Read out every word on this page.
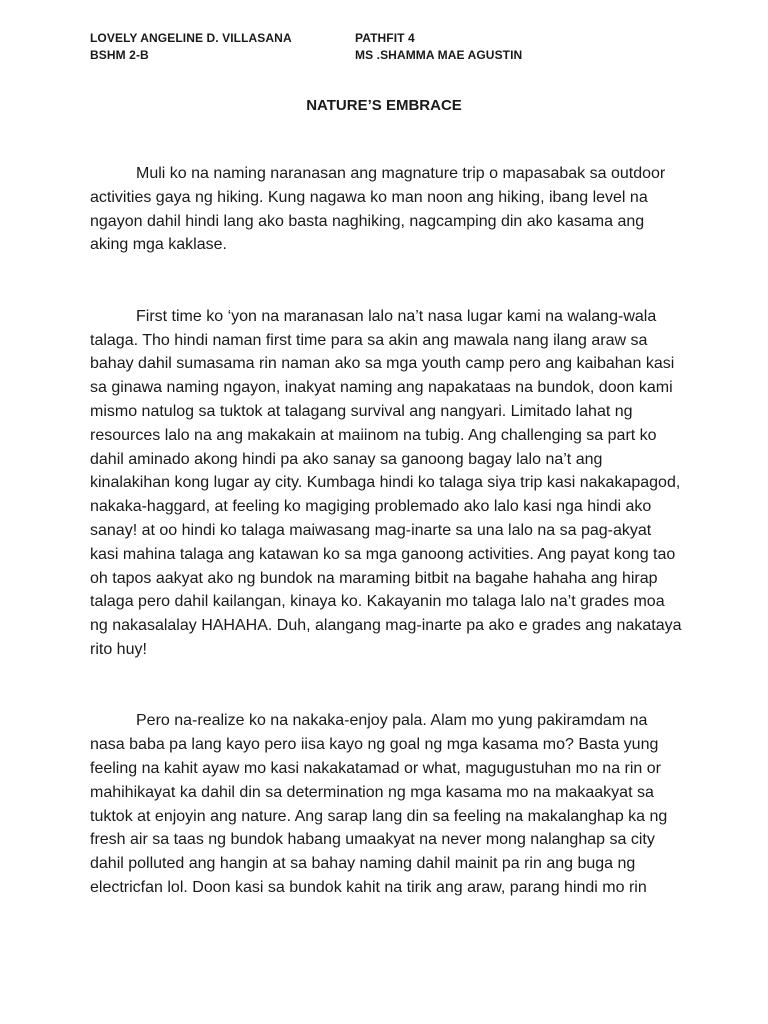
LOVELY ANGELINE D. VILLASANA
BSHM 2-B
PATHFIT 4
MS .SHAMMA MAE AGUSTIN
NATURE’S EMBRACE

Muli ko na naming naranasan ang magnature trip o mapasabak sa outdoor activities gaya ng hiking. Kung nagawa ko man noon ang hiking, ibang level na ngayon dahil hindi lang ako basta naghiking, nagcamping din ako kasama ang aking mga kaklase.

First time ko ‘yon na maranasan lalo na’t nasa lugar kami na walang-wala talaga. Tho hindi naman first time para sa akin ang mawala nang ilang araw sa bahay dahil sumasama rin naman ako sa mga youth camp pero ang kaibahan kasi sa ginawa naming ngayon, inakyat naming ang napakataas na bundok, doon kami mismo natulog sa tuktok at talagang survival ang nangyari. Limitado lahat ng resources lalo na ang makakain at maiinom na tubig. Ang challenging sa part ko dahil aminado akong hindi pa ako sanay sa ganoong bagay lalo na’t ang kinalakihan kong lugar ay city. Kumbaga hindi ko talaga siya trip kasi nakakapagod, nakaka-haggard, at feeling ko magiging problemado ako lalo kasi nga hindi ako sanay! at oo hindi ko talaga maiwasang mag-inarte sa una lalo na sa pag-akyat kasi mahina talaga ang katawan ko sa mga ganoong activities. Ang payat kong tao oh tapos aakyat ako ng bundok na maraming bitbit na bagahe hahaha ang hirap talaga pero dahil kailangan, kinaya ko. Kakayanin mo talaga lalo na’t grades moa ng nakasalalay HAHAHA. Duh, alangang mag-inarte pa ako e grades ang nakataya rito huy!

Pero na-realize ko na nakaka-enjoy pala. Alam mo yung pakiramdam na nasa baba pa lang kayo pero iisa kayo ng goal ng mga kasama mo? Basta yung feeling na kahit ayaw mo kasi nakakatamad or what, magugustuhan mo na rin or mahihikayat ka dahil din sa determination ng mga kasama mo na makaakyat sa tuktok at enjoyin ang nature. Ang sarap lang din sa feeling na makalanghap ka ng fresh air sa taas ng bundok habang umaakyat na never mong nalanghap sa city dahil polluted ang hangin at sa bahay naming dahil mainit pa rin ang buga ng electricfan lol. Doon kasi sa bundok kahit na tirik ang araw, parang hindi mo rin
